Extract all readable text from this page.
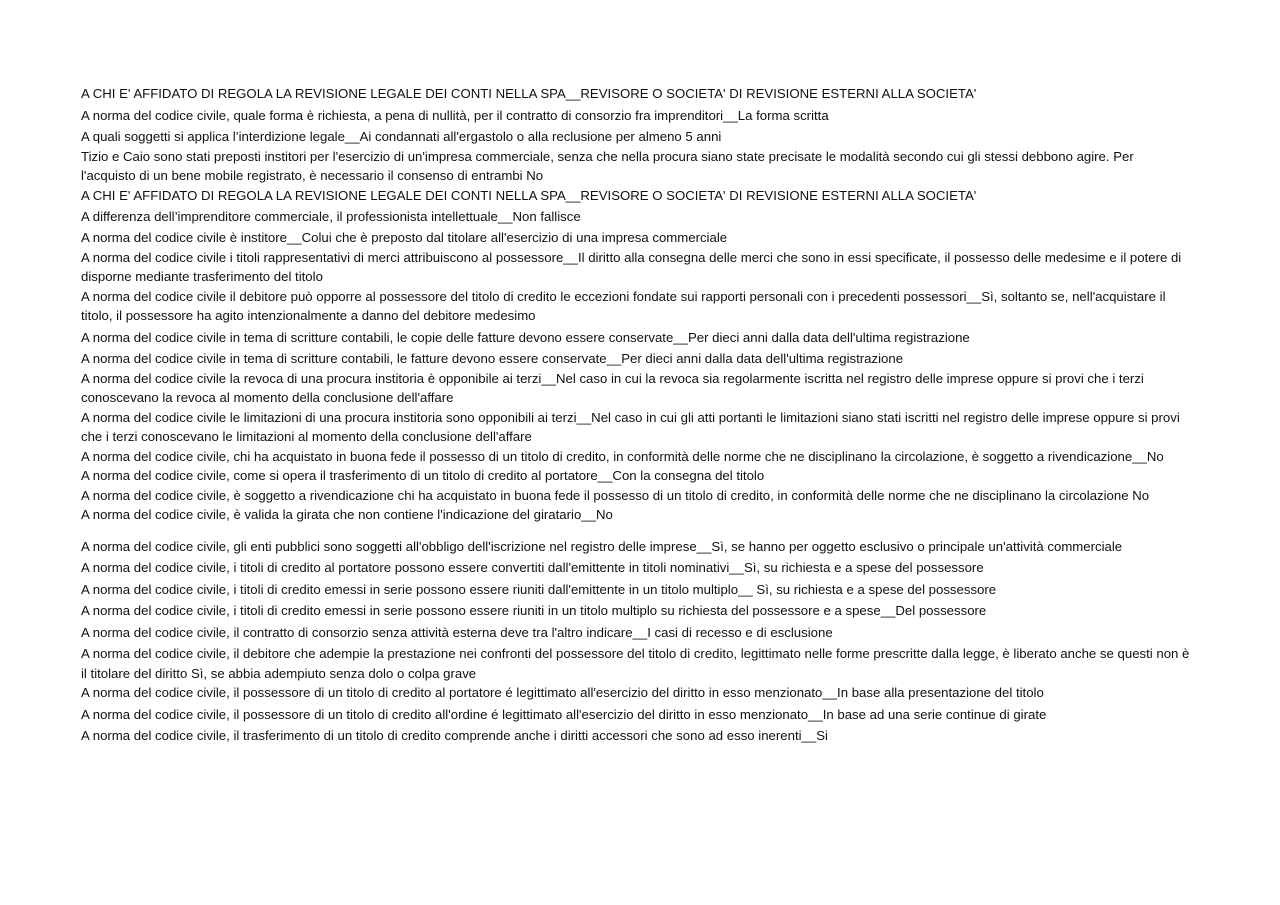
A CHI E' AFFIDATO DI REGOLA LA REVISIONE LEGALE DEI CONTI NELLA SPA__REVISORE O SOCIETA' DI REVISIONE ESTERNI ALLA SOCIETA'

A norma del codice civile, quale forma è richiesta, a pena di nullità, per il contratto di consorzio fra imprenditori__La forma scritta

A quali soggetti si applica l’interdizione legale__Ai condannati all'ergastolo o alla reclusione per almeno 5 anni

Tizio e Caio sono stati preposti institori per l'esercizio di un'impresa commerciale, senza che nella procura siano state precisate le modalità secondo cui gli stessi debbono agire. Per l'acquisto di un bene mobile registrato, è necessario il consenso di entrambi No

A CHI E' AFFIDATO DI REGOLA LA REVISIONE LEGALE DEI CONTI NELLA SPA__REVISORE O SOCIETA' DI REVISIONE ESTERNI ALLA SOCIETA'

A differenza dell’imprenditore commerciale, il professionista intellettuale__Non fallisce

A norma del codice civile è institore__Colui che è preposto dal titolare all'esercizio di una impresa commerciale

A norma del codice civile i titoli rappresentativi di merci attribuiscono al possessore__Il diritto alla consegna delle merci che sono in essi specificate, il possesso delle medesime e il potere di disporne mediante trasferimento del titolo

A norma del codice civile il debitore può opporre al possessore del titolo di credito le eccezioni fondate sui rapporti personali con i precedenti possessori__Sì, soltanto se, nell'acquistare il titolo, il possessore ha agito intenzionalmente a danno del debitore medesimo

A norma del codice civile in tema di scritture contabili, le copie delle fatture devono essere conservate__Per dieci anni dalla data dell'ultima registrazione

A norma del codice civile in tema di scritture contabili, le fatture devono essere conservate__Per dieci anni dalla data dell'ultima registrazione

A norma del codice civile la revoca di una procura institoria è opponibile ai terzi__Nel caso in cui la revoca sia regolarmente iscritta nel registro delle imprese oppure si provi che i terzi conoscevano la revoca al momento della conclusione dell'affare

A norma del codice civile le limitazioni di una procura institoria sono opponibili ai terzi__Nel caso in cui gli atti portanti le limitazioni siano stati iscritti nel registro delle imprese oppure si provi che i terzi conoscevano le limitazioni al momento della conclusione dell'affare

A norma del codice civile, chi ha acquistato in buona fede il possesso di un titolo di credito, in conformità delle norme che ne disciplinano la circolazione, è soggetto a rivendicazione__No

A norma del codice civile, come si opera il trasferimento di un titolo di credito al portatore__Con la consegna del titolo

A norma del codice civile, è soggetto a rivendicazione chi ha acquistato in buona fede il possesso di un titolo di credito, in conformità delle norme che ne disciplinano la circolazione No

A norma del codice civile, è valida la girata che non contiene l'indicazione del giratario__No

A norma del codice civile, gli enti pubblici sono soggetti all'obbligo dell'iscrizione nel registro delle imprese__Sì, se hanno per oggetto esclusivo o principale un'attività commerciale

A norma del codice civile, i titoli di credito al portatore possono essere convertiti dall'emittente in titoli nominativi__Sì, su richiesta e a spese del possessore

A norma del codice civile, i titoli di credito emessi in serie possono essere riuniti dall'emittente in un titolo multiplo__ Sì, su richiesta e a spese del possessore

A norma del codice civile, i titoli di credito emessi in serie possono essere riuniti in un titolo multiplo su richiesta del possessore e a spese__Del possessore

A norma del codice civile, il contratto di consorzio senza attività esterna deve tra l'altro indicare__I casi di recesso e di esclusione

A norma del codice civile, il debitore che adempie la prestazione nei confronti del possessore del titolo di credito, legittimato nelle forme prescritte dalla legge, è liberato anche se questi non è il titolare del diritto Sì, se abbia adempiuto senza dolo o colpa grave

A norma del codice civile, il possessore di un titolo di credito al portatore é legittimato all'esercizio del diritto in esso menzionato__In base alla presentazione del titolo

A norma del codice civile, il possessore di un titolo di credito all'ordine é legittimato all'esercizio del diritto in esso menzionato__In base ad una serie continue di girate

A norma del codice civile, il trasferimento di un titolo di credito comprende anche i diritti accessori che sono ad esso inerenti__Si
